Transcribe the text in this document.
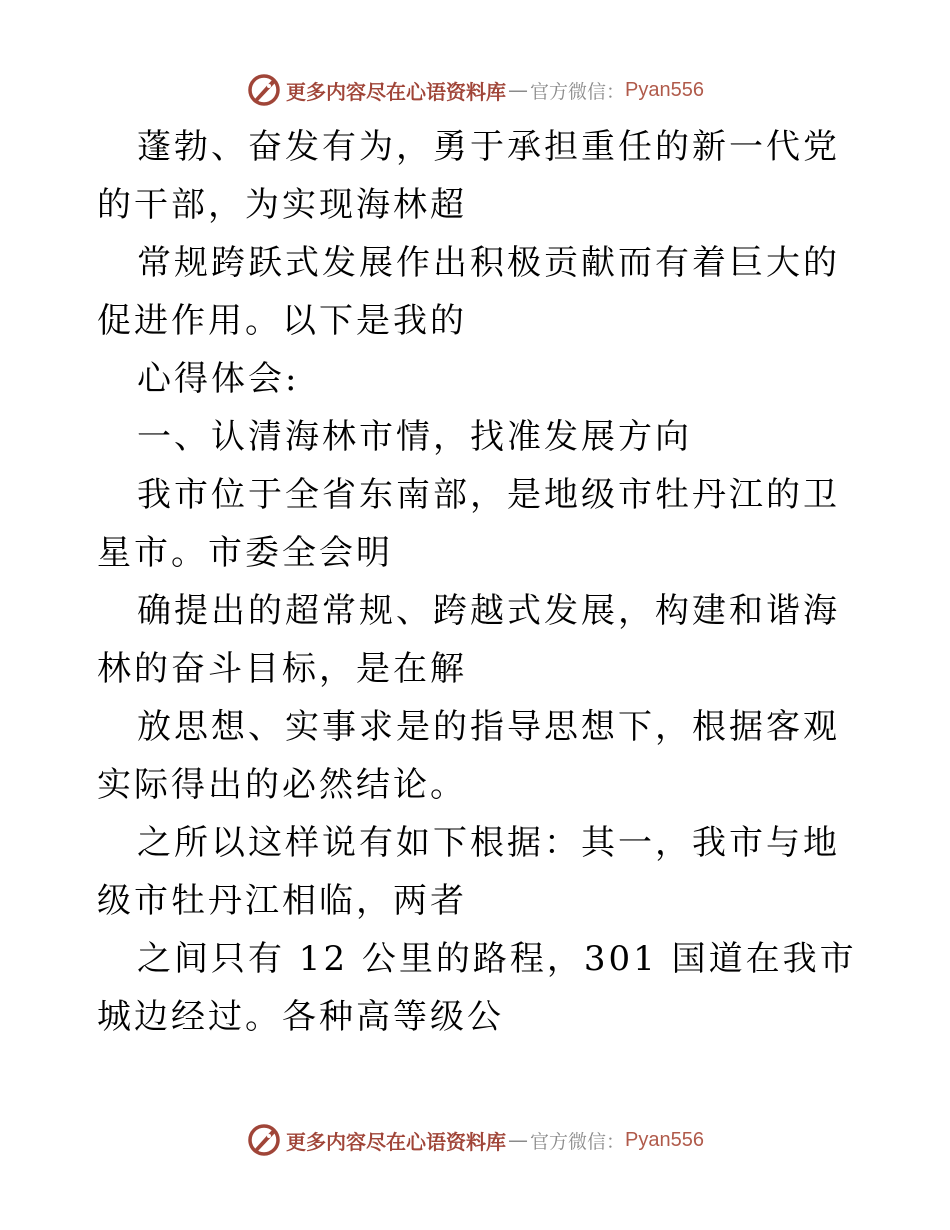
更多内容尽在心语资料库 — 官方微信： Pyan556

蓬勃、奋发有为，勇于承担重任的新一代党的干部，为实现海林超

常规跨跃式发展作出积极贡献而有着巨大的促进作用。以下是我的

心得体会:

一、认清海林市情，找准发展方向

我市位于全省东南部，是地级市牡丹江的卫星市。市委全会明

确提出的超常规、跨越式发展，构建和谐海林的奋斗目标，是在解

放思想、实事求是的指导思想下，根据客观实际得出的必然结论。

之所以这样说有如下根据：其一，我市与地级市牡丹江相临，两者

之间只有 12 公里的路程，301 国道在我市城边经过。各种高等级公

更多内容尽在心语资料库 — 官方微信： Pyan556
